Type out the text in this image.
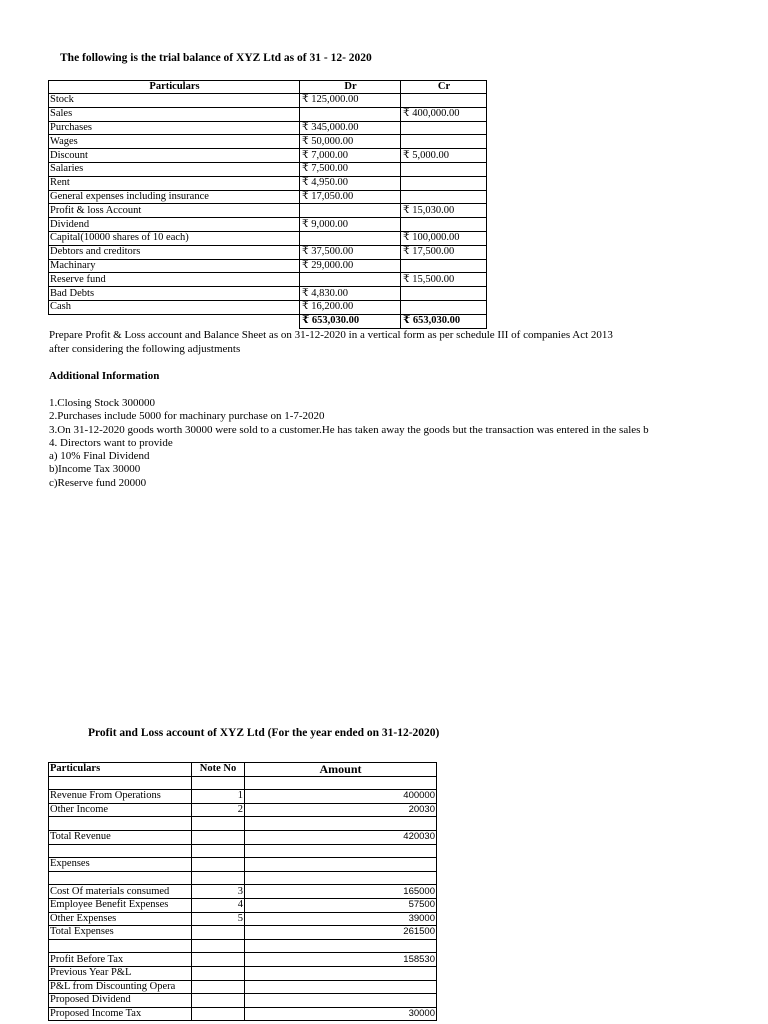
The following is the trial balance of XYZ Ltd as of 31 - 12- 2020
Particulars	Dr	Cr
Stock	₹ 125,000.00	
Sales		₹ 400,000.00
Purchases	₹ 345,000.00	
Wages	₹ 50,000.00	
Discount	₹ 7,000.00	₹ 5,000.00
Salaries	₹ 7,500.00	
Rent	₹ 4,950.00	
General expenses including insurance	₹ 17,050.00	
Profit & loss Account		₹ 15,030.00
Dividend	₹ 9,000.00	
Capital(10000 shares of 10 each)		₹ 100,000.00
Debtors and creditors	₹ 37,500.00	₹ 17,500.00
Machinary	₹ 29,000.00	
Reserve fund		₹ 15,500.00
Bad Debts	₹ 4,830.00	
Cash	₹ 16,200.00	
	₹ 653,030.00	₹ 653,030.00
Prepare Profit & Loss account and Balance Sheet as on 31-12-2020 in a vertical form as per schedule III of companies Act 2013
after considering the following adjustments
Additional Information
1.Closing Stock 300000
2.Purchases include 5000 for machinary purchase on 1-7-2020
3.On 31-12-2020 goods worth 30000 were sold to a customer.He has taken away the goods but the transaction was entered in the sales b
4. Directors want to provide
a) 10% Final Dividend
b)Income Tax 30000
c)Reserve fund 20000
Profit and Loss account of XYZ Ltd (For the year ended on 31-12-2020)
Particulars	Note No	Amount

Revenue From Operations	1	400000
Other Income	2	20030

Total Revenue		420030

Expenses		

Cost Of materials consumed	3	165000
Employee Benefit Expenses	4	57500
Other Expenses	5	39000
Total Expenses		261500

Profit Before Tax		158530
Previous Year P&L		
P&L from Discounting Opera		
Proposed Dividend		
Proposed Income Tax		30000
